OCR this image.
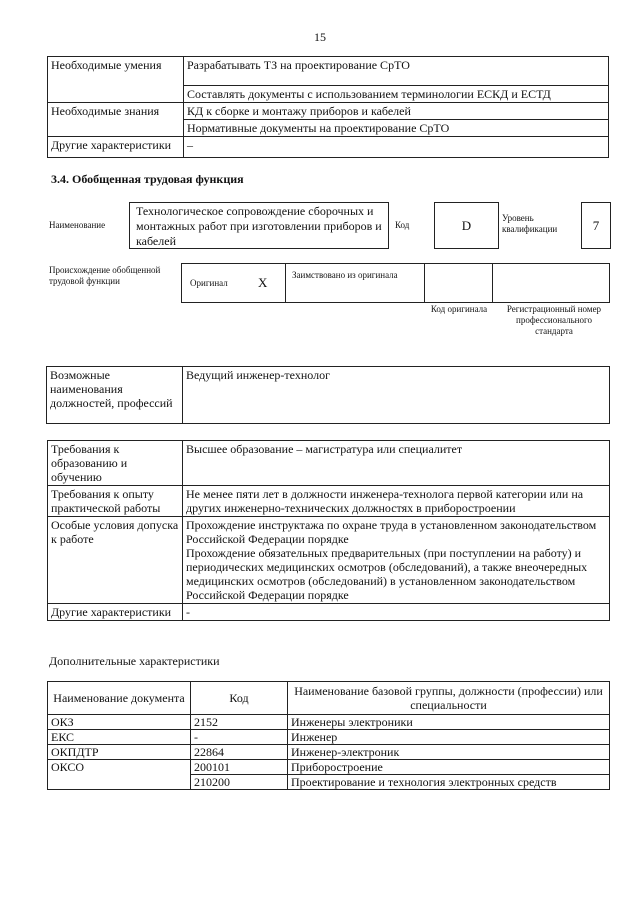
15
Необходимые умения	Разрабатывать ТЗ на проектирование СрТО
	Составлять документы с использованием терминологии ЕСКД и ЕСТД
Необходимые знания	КД к сборке и монтажу приборов и кабелей
	Нормативные документы на проектирование СрТО
Другие характеристики	–
3.4. Обобщенная трудовая функция
Наименование
Технологическое сопровождение сборочных и монтажных работ при изготовлении приборов и кабелей
Код	D	Уровень квалификации	7
Происхождение обобщенной трудовой функции	Оригинал X	Заимствовано из оригинала
Код оригинала	Регистрационный номер профессионального стандарта
Возможные наименования должностей, профессий	Ведущий инженер-технолог
Требования к образованию и обучению	Высшее образование – магистратура или специалитет
Требования к опыту практической работы	Не менее пяти лет в должности инженера-технолога первой категории или на других инженерно-технических должностях в приборостроении
Особые условия допуска к работе	Прохождение инструктажа по охране труда в установленном законодательством Российской Федерации порядке
Прохождение обязательных предварительных (при поступлении на работу) и периодических медицинских осмотров (обследований), а также внеочередных медицинских осмотров (обследований) в установленном законодательством Российской Федерации порядке

Другие характеристики	-
Дополнительные характеристики
Наименование документа	Код	Наименование базовой группы, должности (профессии) или специальности
ОКЗ	2152	Инженеры электроники
ЕКС	-	Инженер
ОКПДТР	22864	Инженер-электроник
ОКСО	200101	Приборостроение
	210200	Проектирование и технология электронных средств
